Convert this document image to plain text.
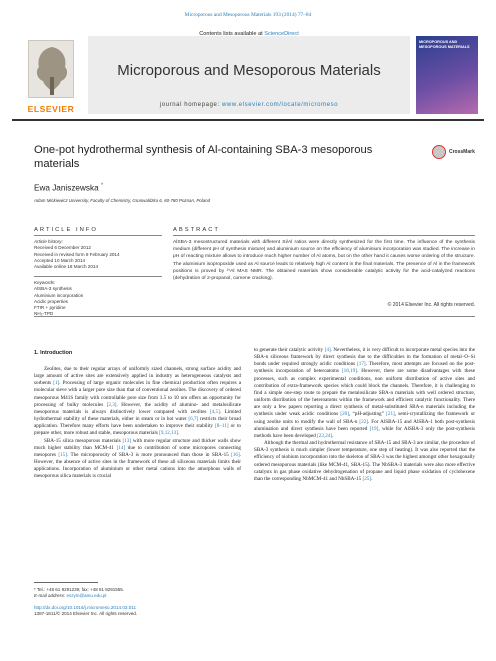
Microporous and Mesoporous Materials 193 (2014) 77–84
Contents lists available at ScienceDirect
ELSEVIER
Microporous and Mesoporous Materials
journal homepage: www.elsevier.com/locate/micromeso
MICROPOROUS AND MESOPOROUS MATERIALS
One-pot hydrothermal synthesis of Al-containing SBA-3 mesoporous materials
CrossMark
Ewa Janiszewska *
Adam Mickiewicz University, Faculty of Chemistry, Grunwaldzka 6, 60-780 Poznan, Poland
ARTICLE INFO	ABSTRACT
Article history:
Received 6 December 2012
Received in revised form 9 February 2014
Accepted 10 March 2014
Available online 18 March 2014
Keywords:
AlSBA-3 synthesis
Aluminium incorporation
Acidic properties
FTIR + pyridine
NH₃-TPD
AlSBA-3 mesostructured materials with different Si/Al ratios were directly synthesized for the first time. The influence of the synthesis medium (different pH of synthesis mixture) and aluminium source on the efficiency of aluminium incorporation was studied. The increase in pH of reacting mixture allows to introduce much higher number of Al atoms, but on the other hand it causes worse ordering of the structure. The aluminium isopropoxide used as Al source leads to relatively high Al content in the final materials. The presence of Al in the framework positions is proved by ²⁷Al MAS NMR. The obtained materials show considerable catalytic activity for the acid-catalyzed reactions (dehydration of 2-propanol, cumene cracking).
© 2014 Elsevier Inc. All rights reserved.
1. Introduction

Zeolites, due to their regular arrays of uniformly sized channels, strong surface acidity and large amount of active sites are extensively applied in industry as heterogeneous catalysts and sorbents [1]. Processing of large organic molecules in fine chemical production often requires a molecular sieve with a larger pore size than that of conventional zeolites. The discovery of ordered mesoporous M41S family with controllable pore size from 1.5 to 10 nm offers an opportunity for processing of bulky molecules [2,3]. However, the acidity of alumino- and metalosilicate mesoporous materials is always distinctively lower compared with zeolites [4,5]. Limited hydrothermal stability of these materials, either in steam or in hot water [6,7] restricts their broad application. Therefore many efforts have been undertaken to improve their stability [8–11] or to prepare other, more robust and stable, mesoporous materials [9,12,13].

SBA-15 silica mesoporous materials [13] with more regular structure and thicker walls show much higher stability than MCM-41 [14] due to contribution of some micropores connecting mesopores [15]. The microporosity of SBA-3 is more pronounced than those in SBA-15 [16]. However, the absence of active sites in the framework of these all siliceous materials limits their applications. Incorporation of aluminium or other metal cations into the amorphous walls of mesoporous silica materials is crucial

to generate their catalytic activity [4]. Nevertheless, it is very difficult to incorporate metal species into the SBA-n siliceous framework by direct synthesis due to the difficulties in the formation of metal–O–Si bonds under required strongly acidic conditions [17]. Therefore, most attempts are focused on the post-synthesis incorporation of heteroatoms [18,19]. However, there are some disadvantages with these processes, such as complex experimental conditions, non uniform distribution of active sites and contribution of extra-framework species which could block the channels. Therefore, it is challenging to find a simple one-step route to prepare the metalosilicate SBA-n materials with well ordered structure, uniform distribution of the heteroatoms within the framework and efficient catalytic functionality. There are only a few papers reporting a direct synthesis of metal-substituted SBA-n materials including the synthesis under weak acidic conditions [20], “pH-adjusting” [21], semi-crystallizing the framework or using zeolite units to modify the wall of SBA-n [22]. For AlSBA-15 and AlSBA-1 both post-synthesis alumination and direct synthesis have been reported [19], while for AlSBA-3 only the post-synthesis methods have been developed [23,24].

Although the thermal and hydrothermal resistance of SBA-15 and SBA-3 are similar, the procedure of SBA-3 synthesis is much simpler (lower temperature, one step of heating). It was also reported that the efficiency of niobium incorporation into the skeleton of SBA-3 was the highest amongst other hexagonally ordered mesoporous materials (like MCM-41, SBA-15). The NbSBA-3 materials were also more effective catalysts in gas phase oxidative dehydrogenation of propane and liquid phase oxidation of cyclohexene than the corresponding NbMCM-41 and NbSBA-15 [25].

* Tel.: +48 61 8291239; fax: +48 61 8291555.
E-mail address: eszym@amu.edu.pl
http://dx.doi.org/10.1016/j.micromeso.2014.03.011
1387-1811/© 2014 Elsevier Inc. All rights reserved.
